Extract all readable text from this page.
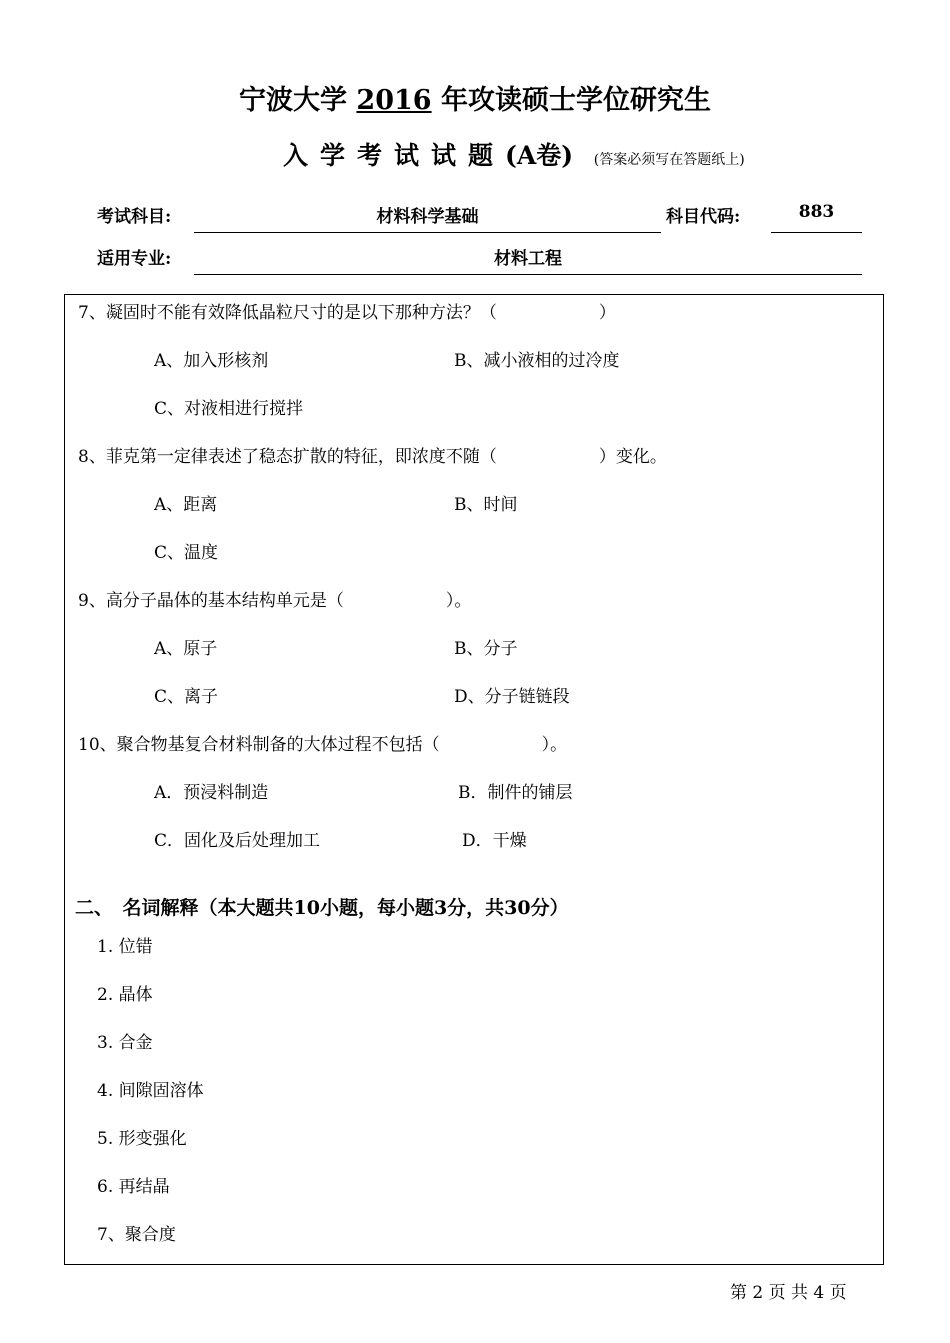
宁波大学 2016 年攻读硕士学位研究生
入学考试试题(A卷) (答案必须写在答题纸上)
考试科目:	材料科学基础	科目代码:	883
适用专业:	材料工程
7、凝固时不能有效降低晶粒尺寸的是以下那种方法？（　　　　　　）
A、加入形核剂	B、减小液相的过冷度
C、对液相进行搅拌
8、菲克第一定律表述了稳态扩散的特征，即浓度不随（　　　　　　）变化。
A、距离	B、时间
C、温度
9、高分子晶体的基本结构单元是（　　　　　　）。
A、原子	B、分子
C、离子	D、分子链链段
10、聚合物基复合材料制备的大体过程不包括（　　　　　　）。
A．预浸料制造	B．制件的铺层
C．固化及后处理加工	D．干燥
二、　名词解释（本大题共10小题，每小题3分，共30分）
1. 位错
2. 晶体
3. 合金
4. 间隙固溶体
5. 形变强化
6. 再结晶
7、聚合度
第 2 页 共 4 页
